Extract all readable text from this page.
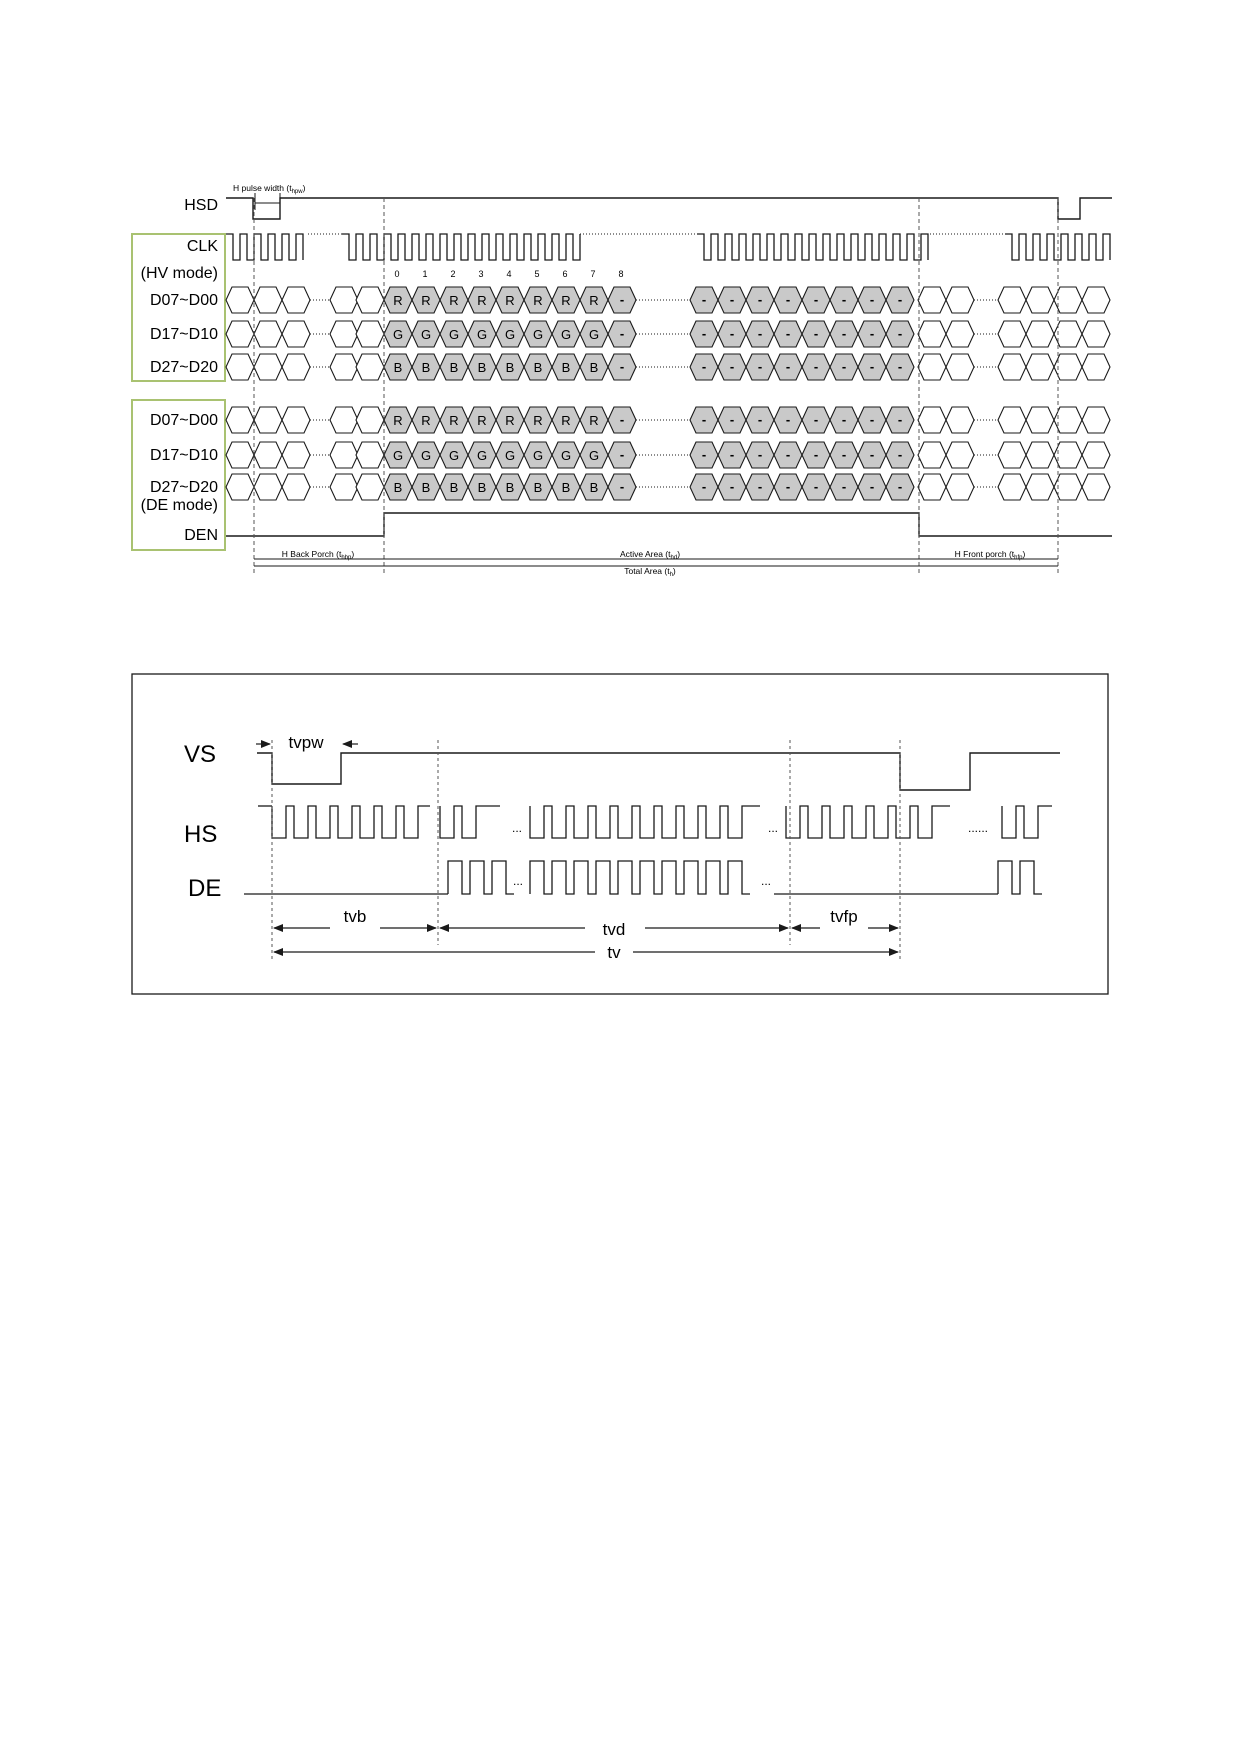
HSD
CLK
(HV mode)
D07~D00
D17~D10
D27~D20
D07~D00
D17~D10
D27~D20
(DE mode)
DEN
H pulse width $(t_{hpw})$
0	1	2	3	4	5	6	7	8
R R R R R R R R -	- - - - - - - -
G G G G G G G G -	- - - - - - - -
B B B B B B B B -	- - - - - - - -
R R R R R R R R -	- - - - - - - -
G G G G G G G G -	- - - - - - - -
B B B B B B B B -	- - - - - - - -
H Back Porch $(t_{hbp})$	Active Area $(t_{hd})$	H Front porch $(t_{hfp})$
Total Area $(t_h)$
VS
HS
DE
tvpw
tvb
tvd
tvfp
tv
...	...	......
...	...
